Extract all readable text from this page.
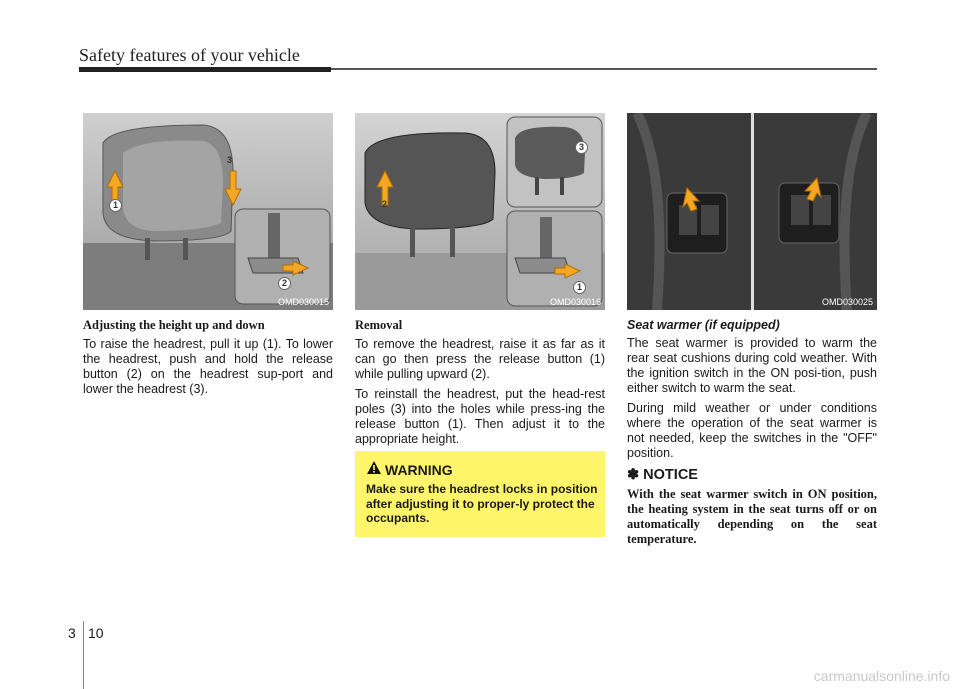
Safety features of your vehicle
1
2
3
OMD030015
1
2
3
OMD030016	OMD030025
Adjusting the height up and down

To raise the headrest, pull it up (1). To lower the headrest, push and hold the release button (2) on the headrest sup-port and lower the headrest (3).

Removal

To remove the headrest, raise it as far as it can go then press the release button (1) while pulling upward (2).

To reinstall the headrest, put the head-rest poles (3) into the holes while press-ing the release button (1). Then adjust it to the appropriate height.

WARNING
Make sure the headrest locks in position after adjusting it to proper-ly protect the occupants.
Seat warmer (if equipped)

The seat warmer is provided to warm the rear seat cushions during cold weather. With the ignition switch in the ON posi-tion, push either switch to warm the seat.

During mild weather or under conditions where the operation of the seat warmer is not needed, keep the switches in the "OFF" position.

✽ NOTICE

With the seat warmer switch in ON position, the heating system in the seat turns off or on automatically depending on the seat temperature.

3 10
carmanualsonline.info
